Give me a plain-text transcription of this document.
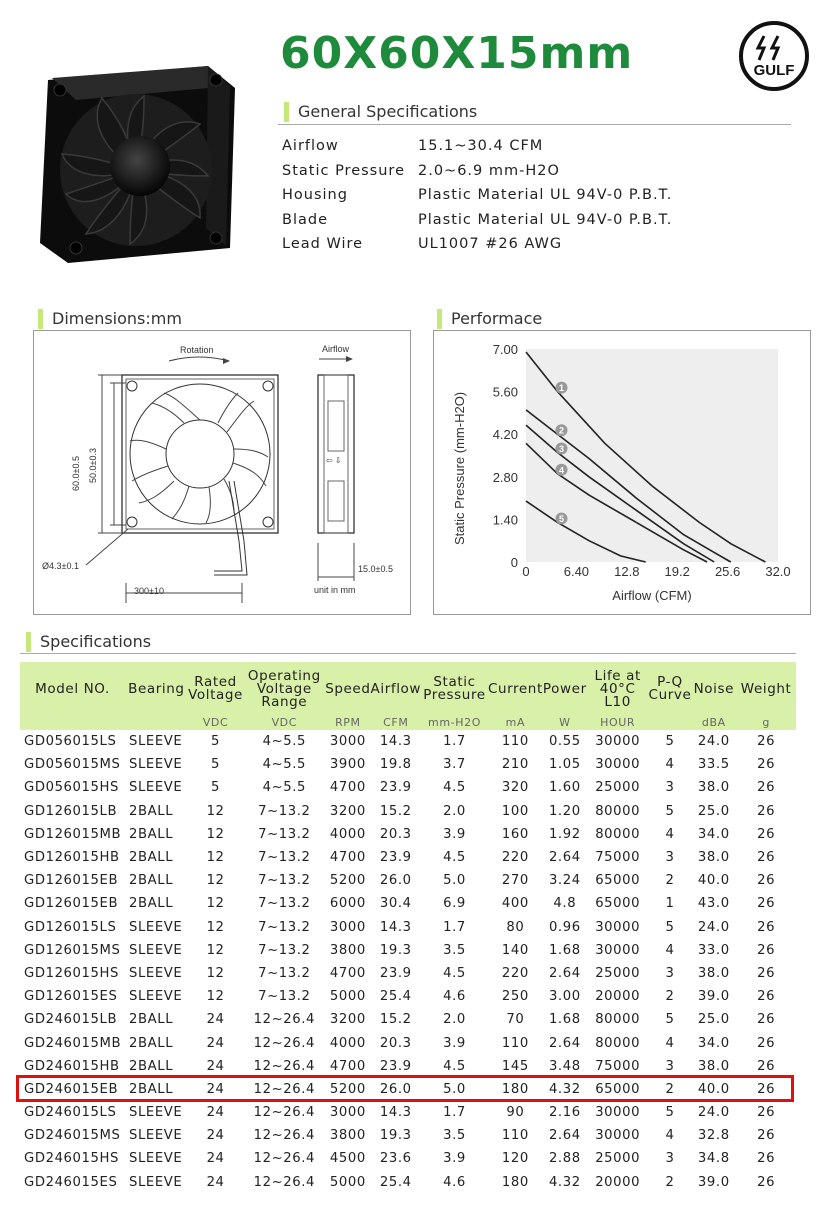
60X60X15mm	GULF
General Specifications
Airflow	15.1~30.4 CFM
Static Pressure 2.0~6.9 mm-H2O
Housing	Plastic Material UL 94V-0 P.B.T.
Blade	Plastic Material UL 94V-0 P.B.T.
Lead Wire	UL1007 #26 AWG
Dimensions:mm	Performace
Rotation	Airflow
60.0±0.5 50.0±0.3
Ø4.3±0.1
300±10
⇦ ⇩
15.0±0.5
unit in mm
0
1.40
2.80
4.20
5.60
7.00
0	6.40 12.8 19.2 25.6 32.0
1
2
3
4
5
Static Pressure (mm-H2O)
Airflow (CFM)
Specifications
Model NO.	Bearing	Rated Voltage	Operating Voltage Range	Speed	Airflow	Static Pressure	Current	Power	Life at 40°C L10	P-Q Curve	Noise	Weight
		VDC	VDC	RPM	CFM	mm-H2O	mA	W	HOUR		dBA	g
GD056015LS	SLEEVE	5	4~5.5	3000	14.3	1.7	110	0.55	30000	5	24.0	26
GD056015MS	SLEEVE	5	4~5.5	3900	19.8	3.7	210	1.05	30000	4	33.5	26
GD056015HS	SLEEVE	5	4~5.5	4700	23.9	4.5	320	1.60	25000	3	38.0	26
GD126015LB	2BALL	12	7~13.2	3200	15.2	2.0	100	1.20	80000	5	25.0	26
GD126015MB	2BALL	12	7~13.2	4000	20.3	3.9	160	1.92	80000	4	34.0	26
GD126015HB	2BALL	12	7~13.2	4700	23.9	4.5	220	2.64	75000	3	38.0	26
GD126015EB	2BALL	12	7~13.2	5200	26.0	5.0	270	3.24	65000	2	40.0	26
GD126015EB	2BALL	12	7~13.2	6000	30.4	6.9	400	4.8	65000	1	43.0	26
GD126015LS	SLEEVE	12	7~13.2	3000	14.3	1.7	80	0.96	30000	5	24.0	26
GD126015MS	SLEEVE	12	7~13.2	3800	19.3	3.5	140	1.68	30000	4	33.0	26
GD126015HS	SLEEVE	12	7~13.2	4700	23.9	4.5	220	2.64	25000	3	38.0	26
GD126015ES	SLEEVE	12	7~13.2	5000	25.4	4.6	250	3.00	20000	2	39.0	26
GD246015LB	2BALL	24	12~26.4	3200	15.2	2.0	70	1.68	80000	5	25.0	26
GD246015MB	2BALL	24	12~26.4	4000	20.3	3.9	110	2.64	80000	4	34.0	26
GD246015HB	2BALL	24	12~26.4	4700	23.9	4.5	145	3.48	75000	3	38.0	26
GD246015EB	2BALL	24	12~26.4	5200	26.0	5.0	180	4.32	65000	2	40.0	26
GD246015LS	SLEEVE	24	12~26.4	3000	14.3	1.7	90	2.16	30000	5	24.0	26
GD246015MS	SLEEVE	24	12~26.4	3800	19.3	3.5	110	2.64	30000	4	32.8	26
GD246015HS	SLEEVE	24	12~26.4	4500	23.6	3.9	120	2.88	25000	3	34.8	26
GD246015ES	SLEEVE	24	12~26.4	5000	25.4	4.6	180	4.32	20000	2	39.0	26
